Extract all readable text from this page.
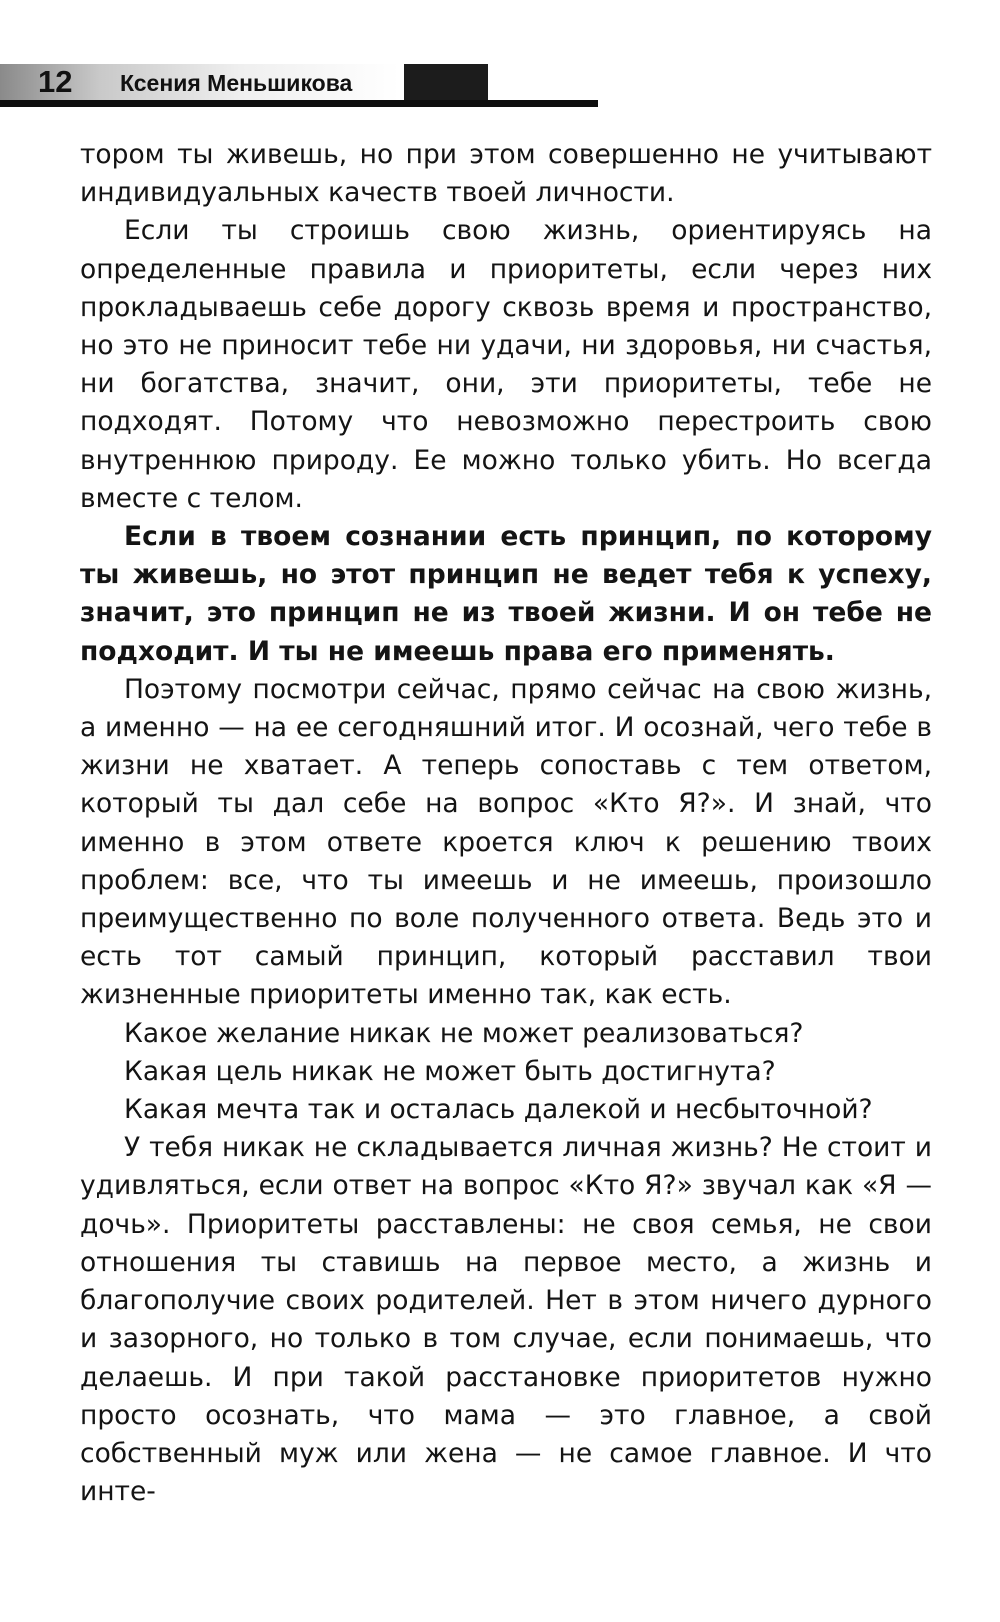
12 Ксения Меньшикова

тором ты живешь, но при этом совершенно не учитывают индивидуальных качеств твоей личности.

Если ты строишь свою жизнь, ориентируясь на определенные правила и приоритеты, если через них прокладываешь себе дорогу сквозь время и пространство, но это не приносит тебе ни удачи, ни здоровья, ни счастья, ни богатства, значит, они, эти приоритеты, тебе не подходят. Потому что невозможно перестроить свою внутреннюю природу. Ее можно только убить. Но всегда вместе с телом.

Если в твоем сознании есть принцип, по которому ты живешь, но этот принцип не ведет тебя к успеху, значит, это принцип не из твоей жизни. И он тебе не подходит. И ты не имеешь права его применять.

Поэтому посмотри сейчас, прямо сейчас на свою жизнь, а именно — на ее сегодняшний итог. И осознай, чего тебе в жизни не хватает. А теперь сопоставь с тем ответом, который ты дал себе на вопрос «Кто Я?». И знай, что именно в этом ответе кроется ключ к решению твоих проблем: все, что ты имеешь и не имеешь, произошло преимущественно по воле полученного ответа. Ведь это и есть тот самый принцип, который расставил твои жизненные приоритеты именно так, как есть.

Какое желание никак не может реализоваться?

Какая цель никак не может быть достигнута?

Какая мечта так и осталась далекой и несбыточной?

У тебя никак не складывается личная жизнь? Не стоит и удивляться, если ответ на вопрос «Кто Я?» звучал как «Я — дочь». Приоритеты расставлены: не своя семья, не свои отношения ты ставишь на первое место, а жизнь и благополучие своих родителей. Нет в этом ничего дурного и зазорного, но только в том случае, если понимаешь, что делаешь. И при такой расстановке приоритетов нужно просто осознать, что мама — это главное, а свой собственный муж или жена — не самое главное. И что инте-
